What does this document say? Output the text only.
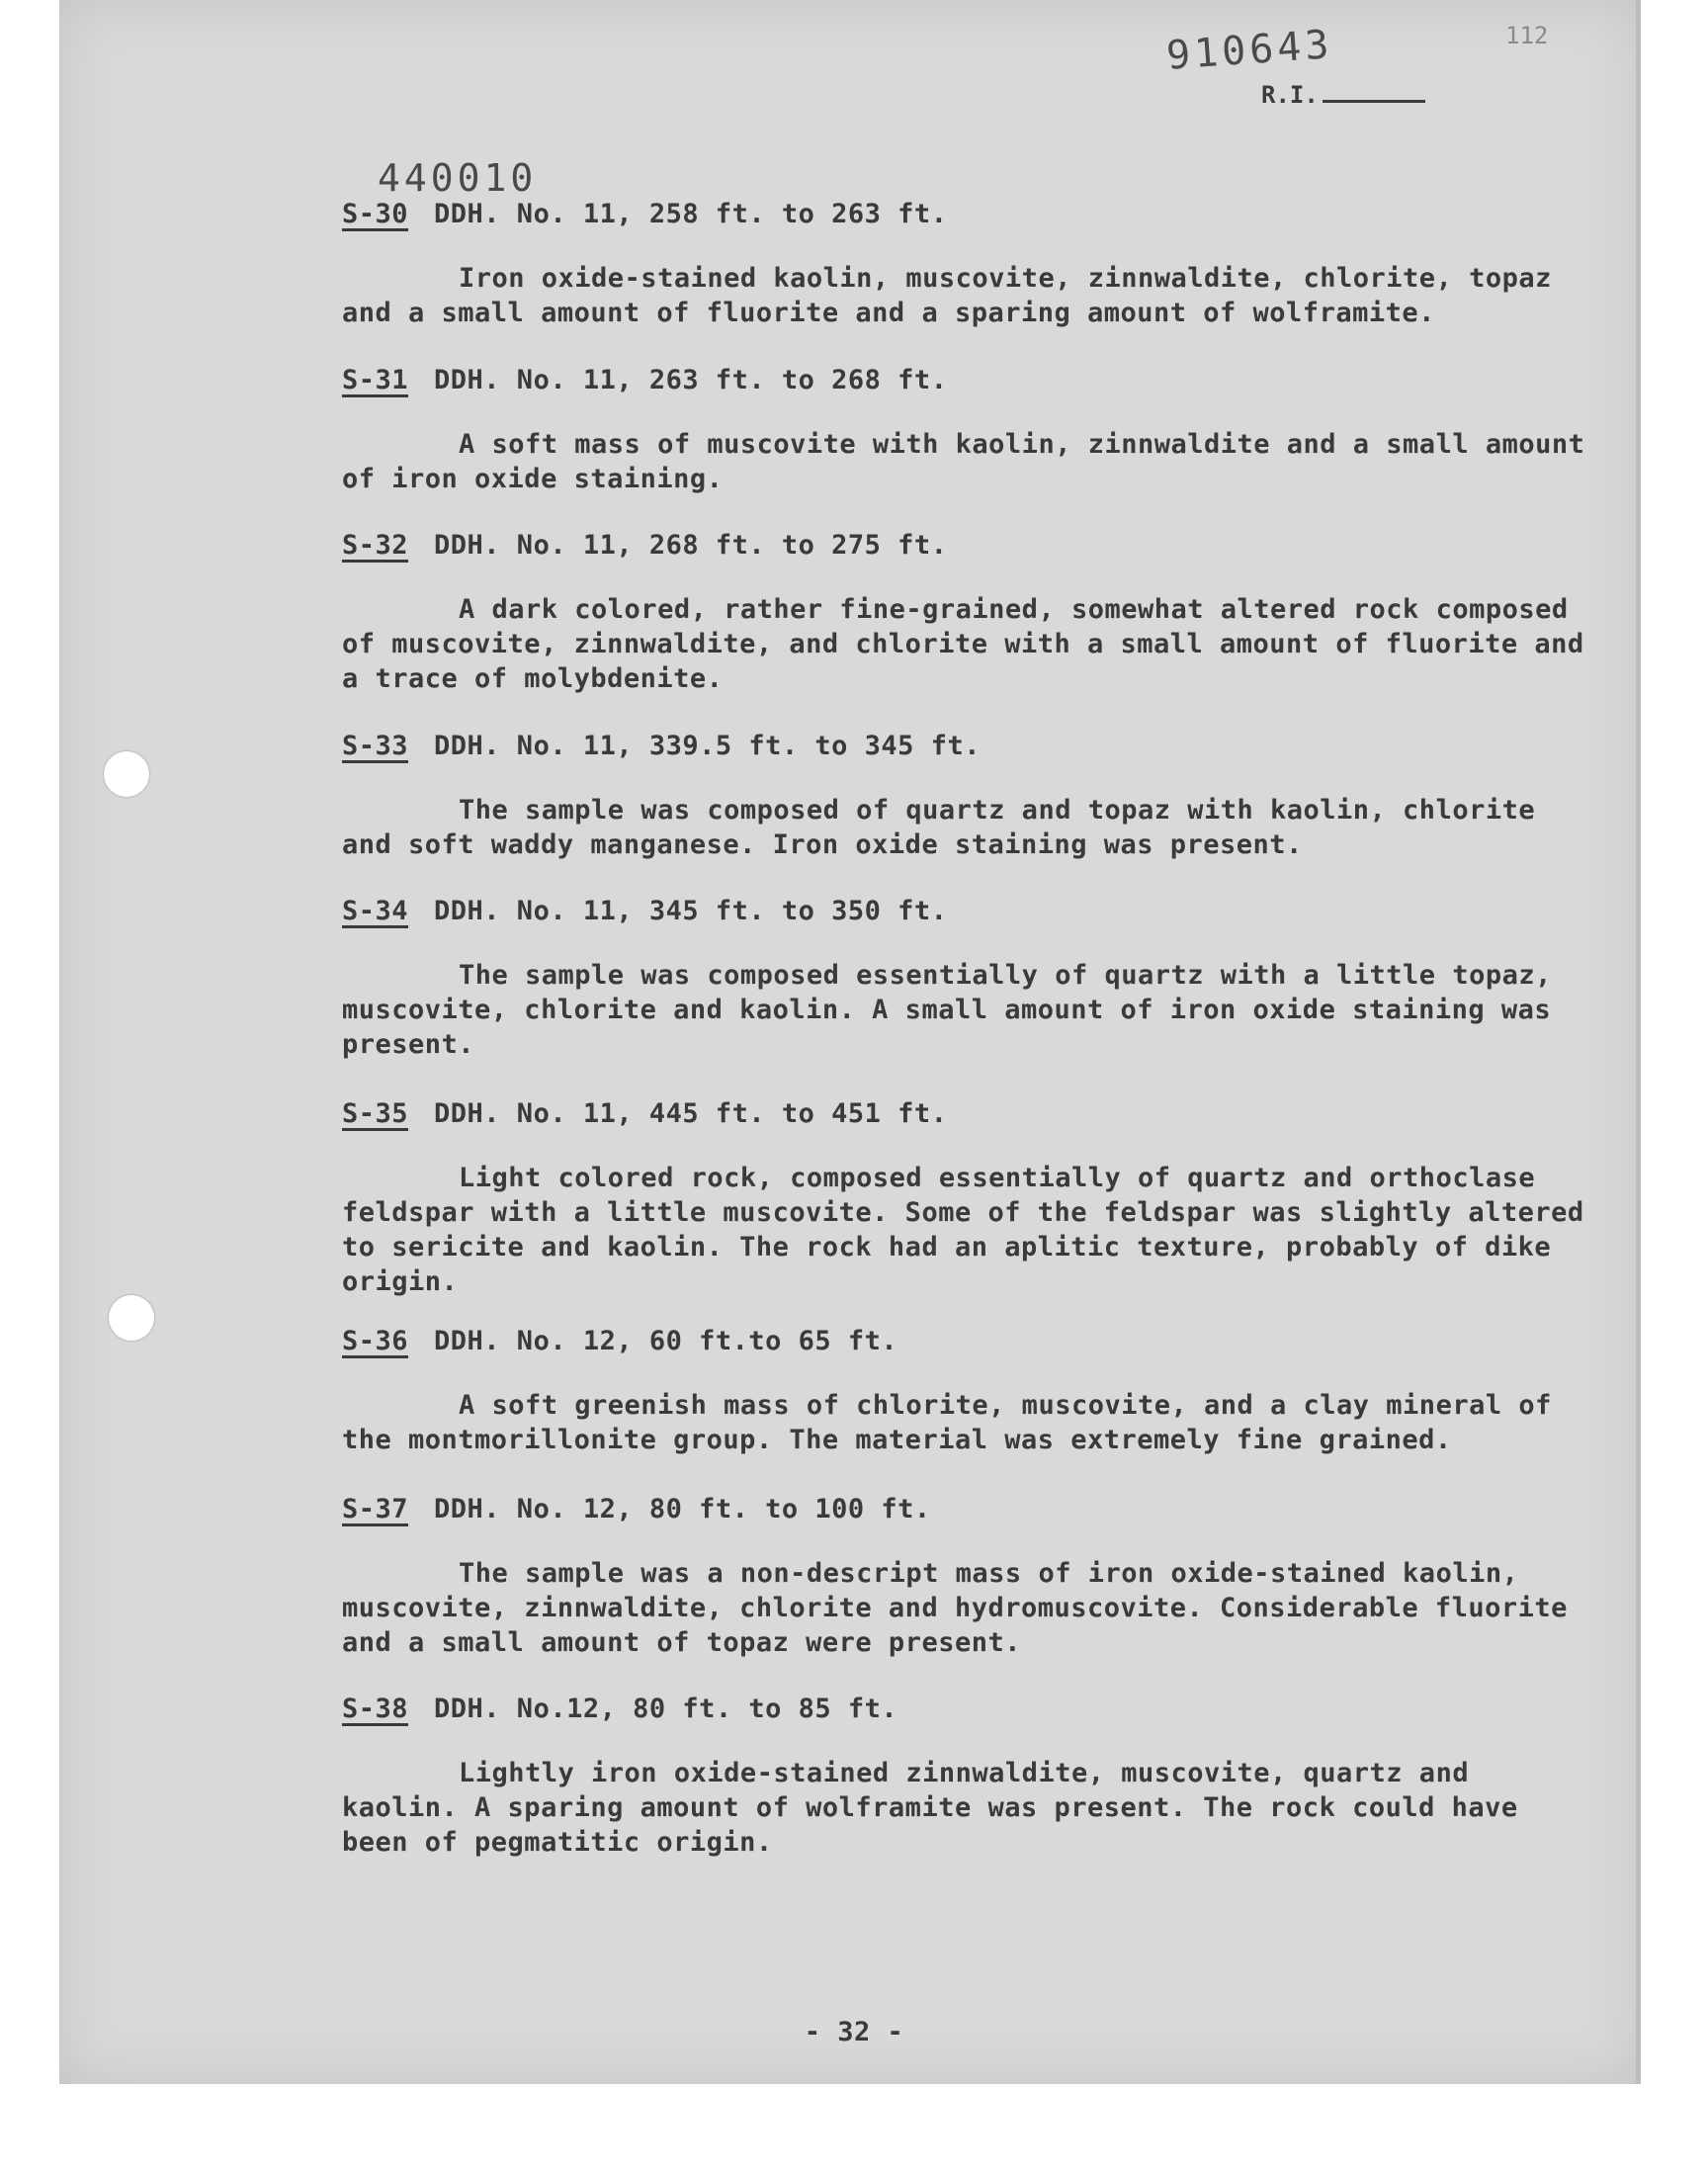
910643
440010
112
R.I.
S-30 DDH. No. 11, 258 ft. to 263 ft.
Iron oxide-stained kaolin, muscovite, zinnwaldite, chlorite, topaz and a small amount of fluorite and a sparing amount of wolframite.
S-31 DDH. No. 11, 263 ft. to 268 ft.
A soft mass of muscovite with kaolin, zinnwaldite and a small amount of iron oxide staining.
S-32 DDH. No. 11, 268 ft. to 275 ft.
A dark colored, rather fine-grained, somewhat altered rock composed of muscovite, zinnwaldite, and chlorite with a small amount of fluorite and a trace of molybdenite.
S-33 DDH. No. 11, 339.5 ft. to 345 ft.
The sample was composed of quartz and topaz with kaolin, chlorite and soft waddy manganese. Iron oxide staining was present.
S-34 DDH. No. 11, 345 ft. to 350 ft.
The sample was composed essentially of quartz with a little topaz, muscovite, chlorite and kaolin. A small amount of iron oxide staining was present.
S-35 DDH. No. 11, 445 ft. to 451 ft.
Light colored rock, composed essentially of quartz and orthoclase feldspar with a little muscovite. Some of the feldspar was slightly altered to sericite and kaolin. The rock had an aplitic texture, probably of dike origin.
S-36 DDH. No. 12, 60 ft.to 65 ft.
A soft greenish mass of chlorite, muscovite, and a clay mineral of the montmorillonite group. The material was extremely fine grained.
S-37 DDH. No. 12, 80 ft. to 100 ft.
The sample was a non-descript mass of iron oxide-stained kaolin, muscovite, zinnwaldite, chlorite and hydromuscovite. Considerable fluorite and a small amount of topaz were present.
S-38 DDH. No.12, 80 ft. to 85 ft.
Lightly iron oxide-stained zinnwaldite, muscovite, quartz and kaolin. A sparing amount of wolframite was present. The rock could have been of pegmatitic origin.
- 32 -
